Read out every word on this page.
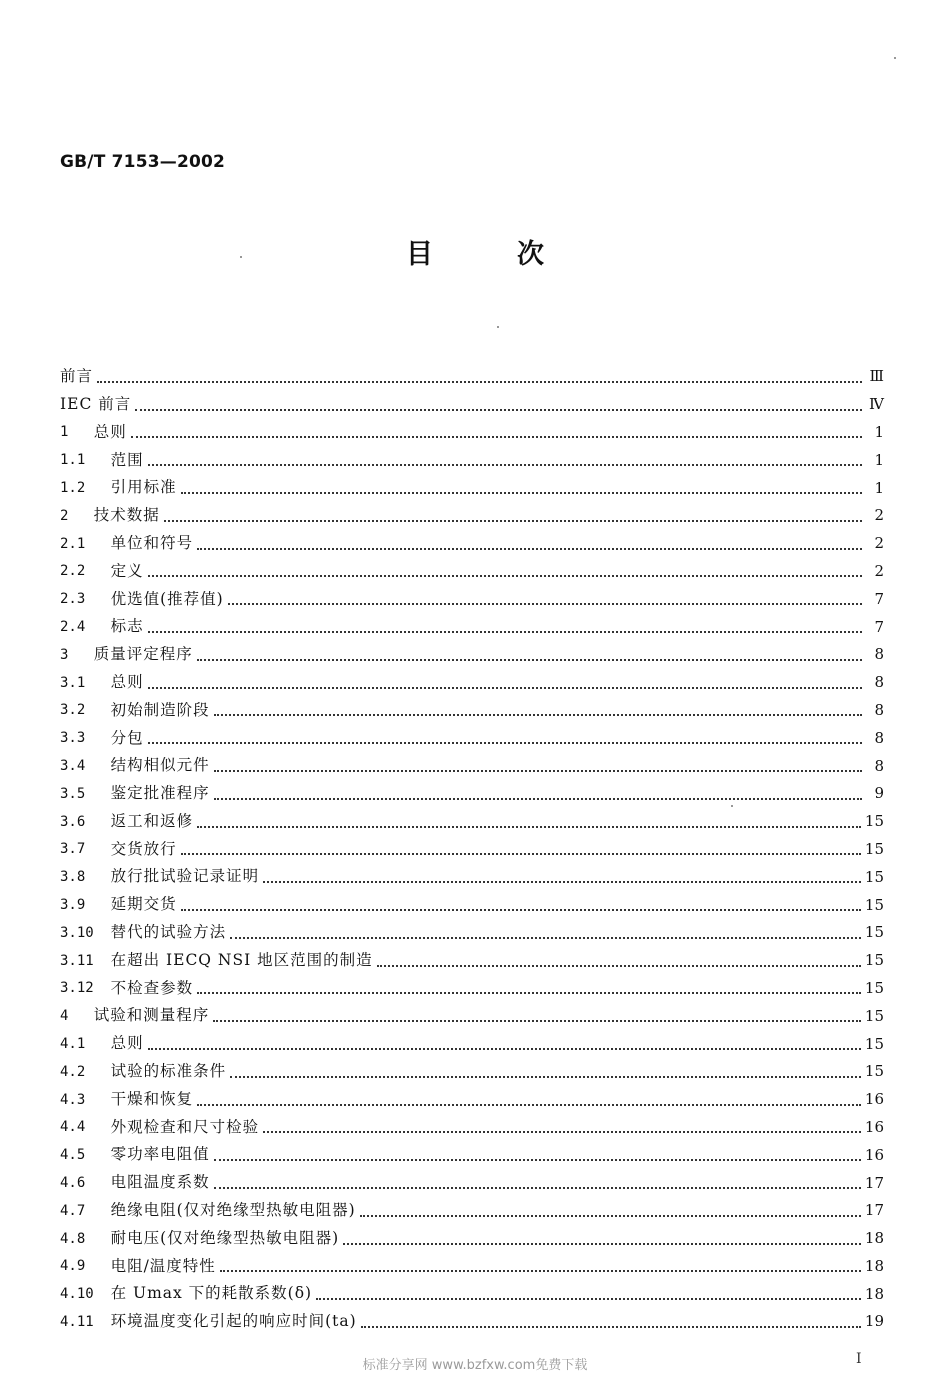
GB/T 7153—2002
目次
前言	Ⅲ
IEC 前言	Ⅳ
1 总则	1
1.1 范围	1
1.2 引用标准	1
2 技术数据	2
2.1 单位和符号	2
2.2 定义	2
2.3 优选值(推荐值)	7
2.4 标志	7
3 质量评定程序	8
3.1 总则	8
3.2 初始制造阶段	8
3.3 分包	8
3.4 结构相似元件	8
3.5 鉴定批准程序	9
3.6 返工和返修	15
3.7 交货放行	15
3.8 放行批试验记录证明	15
3.9 延期交货	15
3.10 替代的试验方法	15
3.11 在超出 IECQ NSI 地区范围的制造	15
3.12 不检查参数	15
4 试验和测量程序	15
4.1 总则	15
4.2 试验的标准条件	15
4.3 干燥和恢复	16
4.4 外观检查和尺寸检验	16
4.5 零功率电阻值	16
4.6 电阻温度系数	17
4.7 绝缘电阻(仅对绝缘型热敏电阻器)	17
4.8 耐电压(仅对绝缘型热敏电阻器)	18
4.9 电阻/温度特性	18
4.10 在 Umax 下的耗散系数(δ)	18
4.11 环境温度变化引起的响应时间(ta)	19
标准分享网 www.bzfxw.com免费下载	I
